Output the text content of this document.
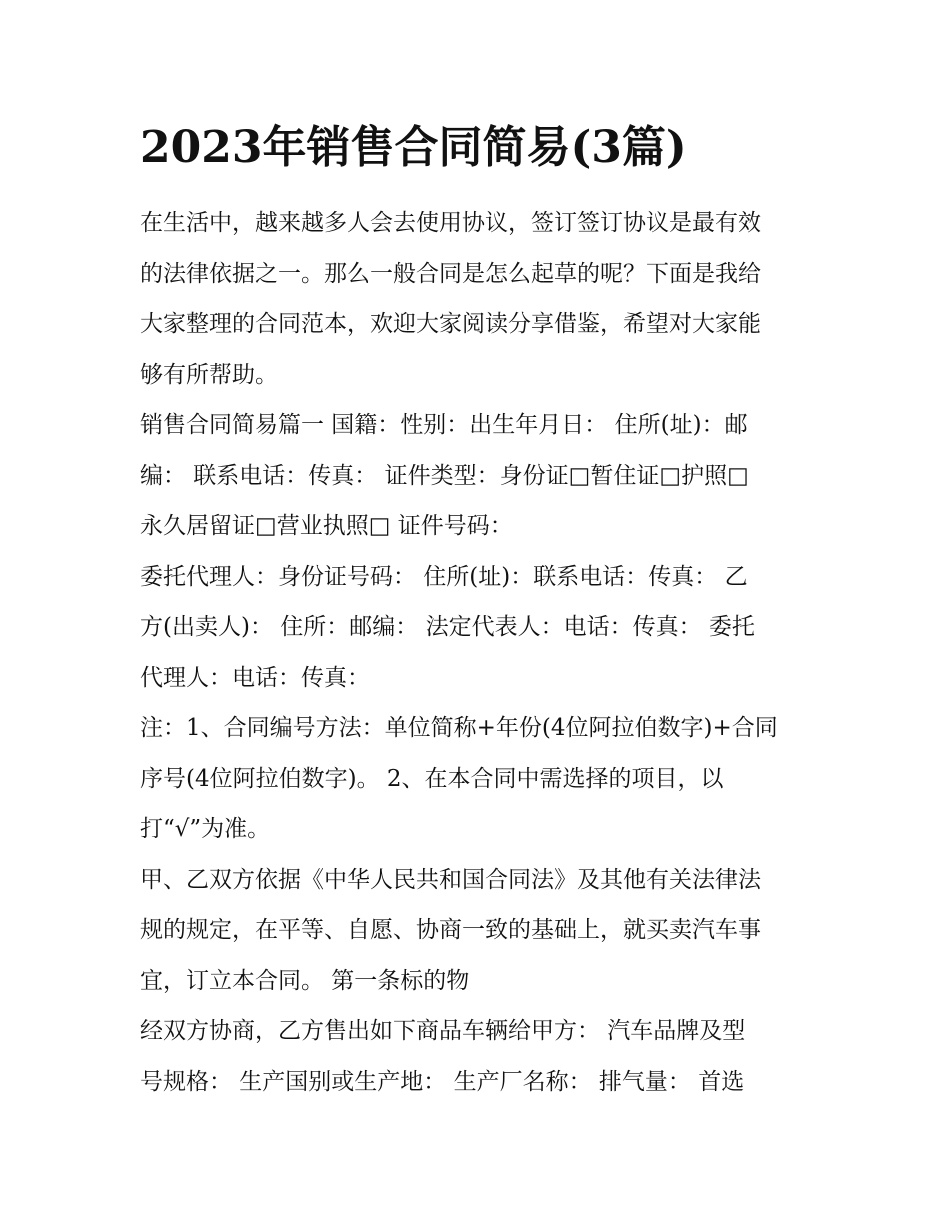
2023年销售合同简易(3篇)

在生活中，越来越多人会去使用协议，签订签订协议是最有效
的法律依据之一。那么一般合同是怎么起草的呢？下面是我给
大家整理的合同范本，欢迎大家阅读分享借鉴，希望对大家能
够有所帮助。

销售合同简易篇一 国籍：性别：出生年月日： 住所(址)：邮
编： 联系电话：传真： 证件类型：身份证□暂住证□护照□
永久居留证□营业执照□ 证件号码：

委托代理人：身份证号码： 住所(址)：联系电话：传真： 乙
方(出卖人)： 住所：邮编： 法定代表人：电话：传真： 委托
代理人：电话：传真：

注：1、合同编号方法：单位简称+年份(4位阿拉伯数字)+合同
序号(4位阿拉伯数字)。 2、在本合同中需选择的项目，以
打“√”为准。

甲、乙双方依据《中华人民共和国合同法》及其他有关法律法
规的规定，在平等、自愿、协商一致的基础上，就买卖汽车事
宜，订立本合同。 第一条标的物

经双方协商，乙方售出如下商品车辆给甲方： 汽车品牌及型
号规格： 生产国别或生产地： 生产厂名称： 排气量： 首选
